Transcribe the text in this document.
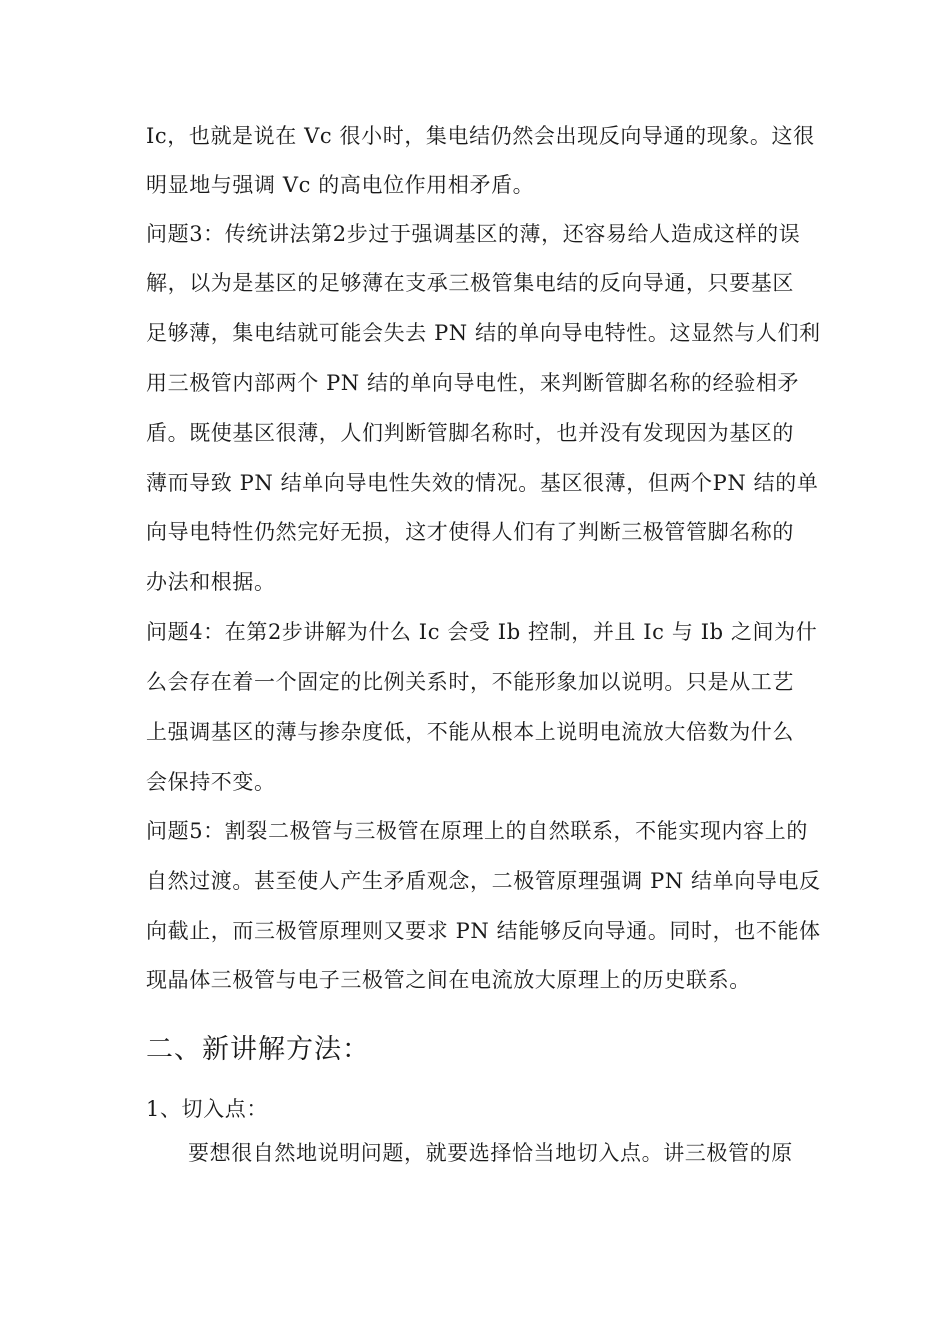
Ic，也就是说在 Vc 很小时，集电结仍然会出现反向导通的现象。这很
明显地与强调 Vc 的高电位作用相矛盾。
问题3：传统讲法第2步过于强调基区的薄，还容易给人造成这样的误
解，以为是基区的足够薄在支承三极管集电结的反向导通，只要基区
足够薄，集电结就可能会失去 PN 结的单向导电特性。这显然与人们利
用三极管内部两个 PN 结的单向导电性，来判断管脚名称的经验相矛
盾。既使基区很薄，人们判断管脚名称时，也并没有发现因为基区的
薄而导致 PN 结单向导电性失效的情况。基区很薄，但两个PN 结的单
向导电特性仍然完好无损，这才使得人们有了判断三极管管脚名称的
办法和根据。
问题4：在第2步讲解为什么 Ic 会受 Ib 控制，并且 Ic 与 Ib 之间为什
么会存在着一个固定的比例关系时，不能形象加以说明。只是从工艺
上强调基区的薄与掺杂度低，不能从根本上说明电流放大倍数为什么
会保持不变。
问题5：割裂二极管与三极管在原理上的自然联系，不能实现内容上的
自然过渡。甚至使人产生矛盾观念，二极管原理强调 PN 结单向导电反
向截止，而三极管原理则又要求 PN 结能够反向导通。同时，也不能体
现晶体三极管与电子三极管之间在电流放大原理上的历史联系。
二、新讲解方法：
1、切入点：
要想很自然地说明问题，就要选择恰当地切入点。讲三极管的原
